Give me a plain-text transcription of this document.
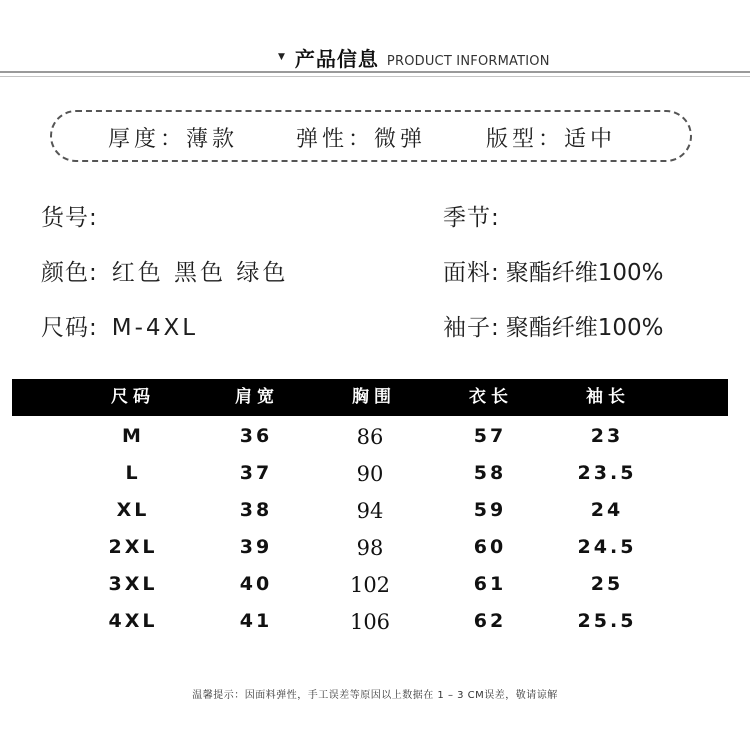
▼ 产品信息 PRODUCT INFORMATION
厚度：薄款	弹性：微弹	版型：适中
货号:	季节:
颜色: 红色 黑色 绿色	面料: 聚酯纤维100%
尺码: M-4XL	袖子: 聚酯纤维100%
尺码	肩宽	胸围	衣长	袖长
M	36	86	57	23
L	37	90	58	23.5
XL	38	94	59	24
2XL	39	98	60	24.5
3XL	40	102	61	25
4XL	41	106	62	25.5
温馨提示：因面料弹性，手工误差等原因以上数据在 1 – 3 CM误差，敬请谅解
